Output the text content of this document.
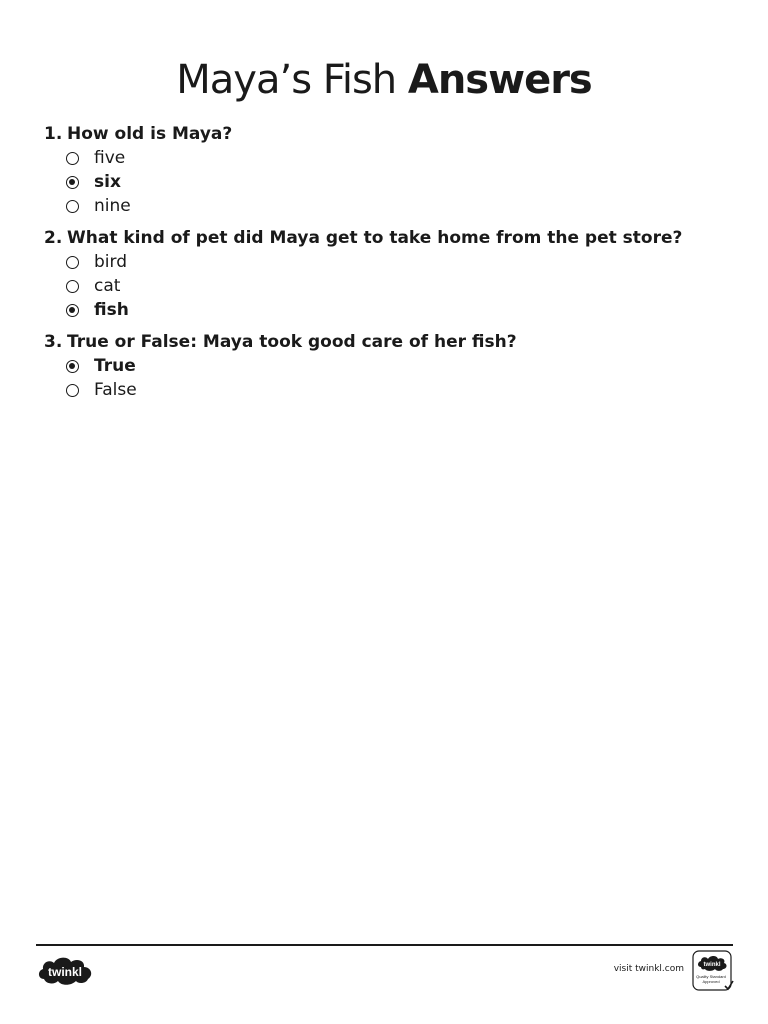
Maya’s Fish Answers
1. How old is Maya?
five
six
nine
2. What kind of pet did Maya get to take home from the pet store?
bird
cat
fish
3. True or False: Maya took good care of her fish?
True
False
twinkl	visit twinkl.com	twinkl
Quality Standard Approved
